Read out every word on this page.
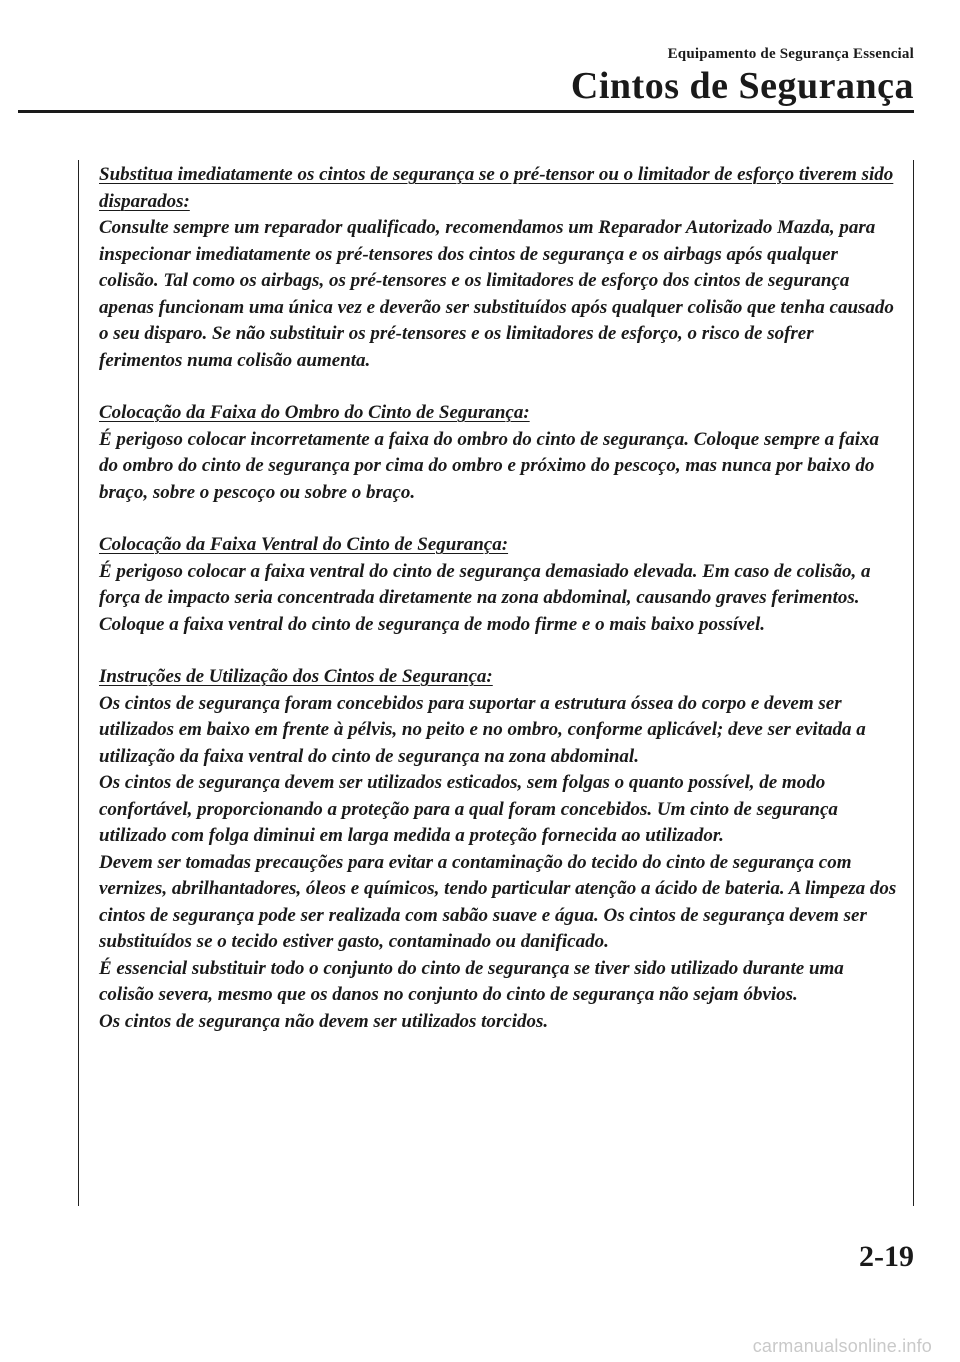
Equipamento de Segurança Essencial
Cintos de Segurança

Substitua imediatamente os cintos de segurança se o pré-tensor ou o limitador de esforço tiverem sido disparados:

Consulte sempre um reparador qualificado, recomendamos um Reparador Autorizado Mazda, para inspecionar imediatamente os pré-tensores dos cintos de segurança e os airbags após qualquer colisão. Tal como os airbags, os pré-tensores e os limitadores de esforço dos cintos de segurança apenas funcionam uma única vez e deverão ser substituídos após qualquer colisão que tenha causado o seu disparo. Se não substituir os pré-tensores e os limitadores de esforço, o risco de sofrer ferimentos numa colisão aumenta.

Colocação da Faixa do Ombro do Cinto de Segurança:

É perigoso colocar incorretamente a faixa do ombro do cinto de segurança. Coloque sempre a faixa do ombro do cinto de segurança por cima do ombro e próximo do pescoço, mas nunca por baixo do braço, sobre o pescoço ou sobre o braço.

Colocação da Faixa Ventral do Cinto de Segurança:

É perigoso colocar a faixa ventral do cinto de segurança demasiado elevada. Em caso de colisão, a força de impacto seria concentrada diretamente na zona abdominal, causando graves ferimentos. Coloque a faixa ventral do cinto de segurança de modo firme e o mais baixo possível.

Instruções de Utilização dos Cintos de Segurança:

Os cintos de segurança foram concebidos para suportar a estrutura óssea do corpo e devem ser utilizados em baixo em frente à pélvis, no peito e no ombro, conforme aplicável; deve ser evitada a utilização da faixa ventral do cinto de segurança na zona abdominal.

Os cintos de segurança devem ser utilizados esticados, sem folgas o quanto possível, de modo confortável, proporcionando a proteção para a qual foram concebidos. Um cinto de segurança utilizado com folga diminui em larga medida a proteção fornecida ao utilizador.

Devem ser tomadas precauções para evitar a contaminação do tecido do cinto de segurança com vernizes, abrilhantadores, óleos e químicos, tendo particular atenção a ácido de bateria. A limpeza dos cintos de segurança pode ser realizada com sabão suave e água. Os cintos de segurança devem ser substituídos se o tecido estiver gasto, contaminado ou danificado.

É essencial substituir todo o conjunto do cinto de segurança se tiver sido utilizado durante uma colisão severa, mesmo que os danos no conjunto do cinto de segurança não sejam óbvios.

Os cintos de segurança não devem ser utilizados torcidos.

2-19
carmanualsonline.info
